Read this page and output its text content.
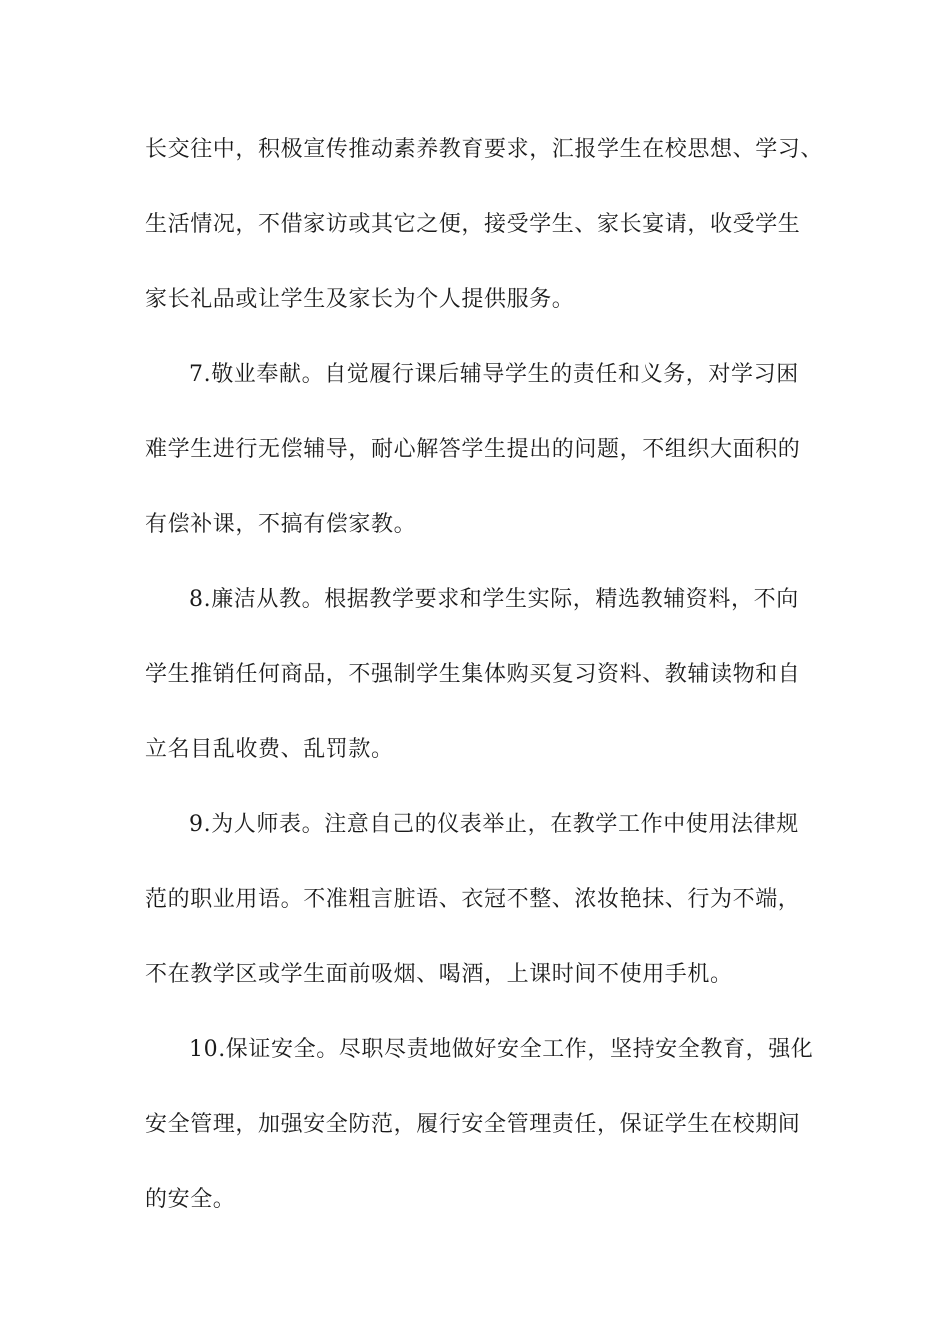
长交往中，积极宣传推动素养教育要求，汇报学生在校思想、学习、
生活情况，不借家访或其它之便，接受学生、家长宴请，收受学生
家长礼品或让学生及家长为个人提供服务。
7.敬业奉献。自觉履行课后辅导学生的责任和义务，对学习困
难学生进行无偿辅导，耐心解答学生提出的问题，不组织大面积的
有偿补课，不搞有偿家教。
8.廉洁从教。根据教学要求和学生实际，精选教辅资料，不向
学生推销任何商品，不强制学生集体购买复习资料、教辅读物和自
立名目乱收费、乱罚款。
9.为人师表。注意自己的仪表举止，在教学工作中使用法律规
范的职业用语。不准粗言脏语、衣冠不整、浓妆艳抹、行为不端，
不在教学区或学生面前吸烟、喝酒，上课时间不使用手机。
10.保证安全。尽职尽责地做好安全工作，坚持安全教育，强化
安全管理，加强安全防范，履行安全管理责任，保证学生在校期间
的安全。
